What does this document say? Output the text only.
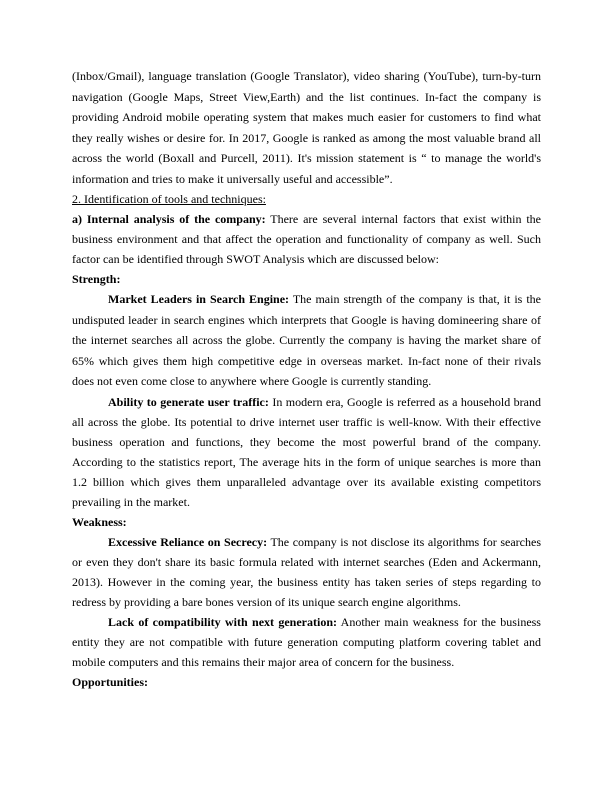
(Inbox/Gmail), language translation (Google Translator), video sharing (YouTube), turn-by-turn navigation (Google Maps, Street View,Earth) and the list continues. In-fact the company is providing Android mobile operating system that makes much easier for customers to find what they really wishes or desire for. In 2017, Google is ranked as among the most valuable brand all across the world (Boxall and Purcell, 2011). It's mission statement is “ to manage the world's information and tries to make it universally useful and accessible”.

2. Identification of tools and techniques:

a) Internal analysis of the company: There are several internal factors that exist within the business environment and that affect the operation and functionality of company as well. Such factor can be identified through SWOT Analysis which are discussed below:

Strength:

Market Leaders in Search Engine: The main strength of the company is that, it is the undisputed leader in search engines which interprets that Google is having domineering share of the internet searches all across the globe. Currently the company is having the market share of 65% which gives them high competitive edge in overseas market. In-fact none of their rivals does not even come close to anywhere where Google is currently standing.

Ability to generate user traffic: In modern era, Google is referred as a household brand all across the globe. Its potential to drive internet user traffic is well-know. With their effective business operation and functions, they become the most powerful brand of the company. According to the statistics report, The average hits in the form of unique searches is more than 1.2 billion which gives them unparalleled advantage over its available existing competitors prevailing in the market.

Weakness:

Excessive Reliance on Secrecy: The company is not disclose its algorithms for searches or even they don't share its basic formula related with internet searches (Eden and Ackermann, 2013). However in the coming year, the business entity has taken series of steps regarding to redress by providing a bare bones version of its unique search engine algorithms.

Lack of compatibility with next generation: Another main weakness for the business entity they are not compatible with future generation computing platform covering tablet and mobile computers and this remains their major area of concern for the business.

Opportunities:
